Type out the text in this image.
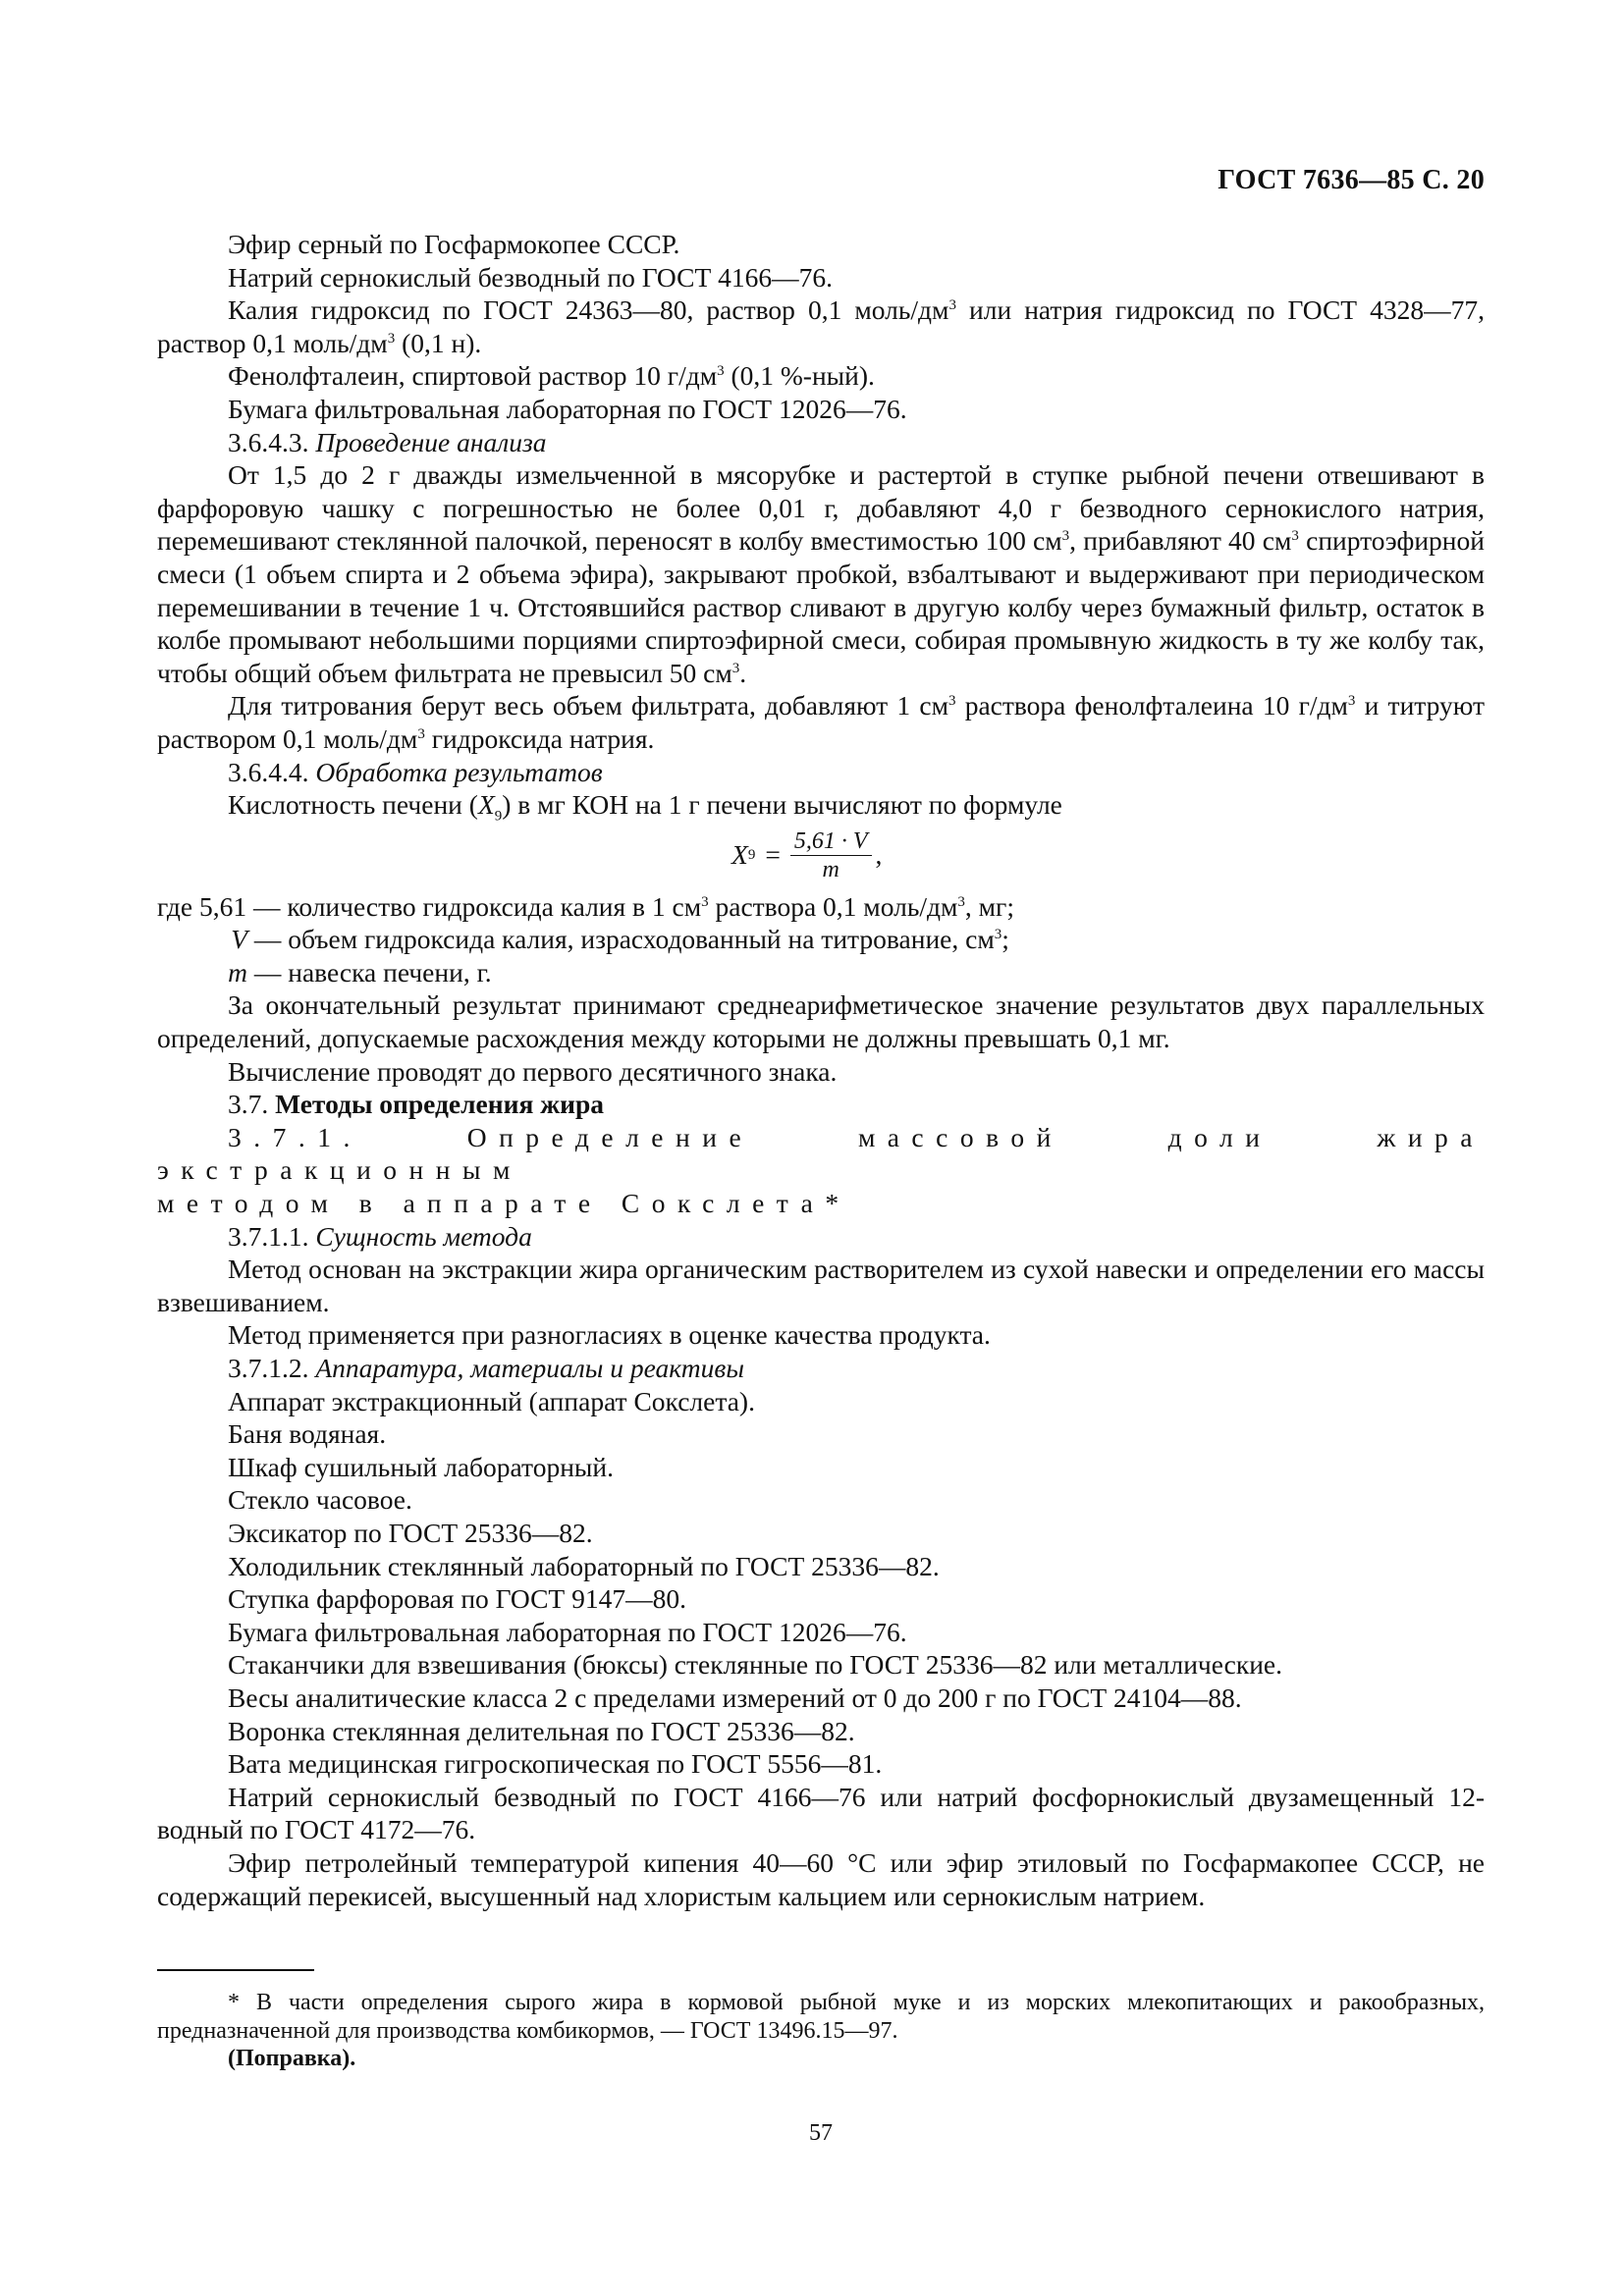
ГОСТ 7636—85 С. 20

Эфир серный по Госфармокопее СССР.

Натрий сернокислый безводный по ГОСТ 4166—76.

Калия гидроксид по ГОСТ 24363—80, раствор 0,1 моль/$дм^3$ или натрия гидроксид по ГОСТ 4328—77, раствор 0,1 моль/$дм^3$ (0,1 н).

Фенолфталеин, спиртовой раствор 10 $г/дм^3$ (0,1 %-ный).

Бумага фильтровальная лабораторная по ГОСТ 12026—76.

3.6.4.3. Проведение анализа

От 1,5 до 2 г дважды измельченной в мясорубке и растертой в ступке рыбной печени отвешивают в фарфоровую чашку с погрешностью не более 0,01 г, добавляют 4,0 г безводного сернокислого натрия, перемешивают стеклянной палочкой, переносят в колбу вместимостью 100 $см^3$, прибавляют 40 $см^3$ спиртоэфирной смеси (1 объем спирта и 2 объема эфира), закрывают пробкой, взбалтывают и выдерживают при периодическом перемешивании в течение 1 ч. Отстоявшийся раствор сливают в другую колбу через бумажный фильтр, остаток в колбе промывают небольшими порциями спиртоэфирной смеси, собирая промывную жидкость в ту же колбу так, чтобы общий объем фильтрата не превысил 50 $см^3$.

Для титрования берут весь объем фильтрата, добавляют 1 $см^3$ раствора фенолфталеина 10 $г/дм^3$ и титруют раствором 0,1 моль/$дм^3$ гидроксида натрия.

3.6.4.4. Обработка результатов

Кислотность печени $(X_9)$ в мг КОН на 1 г печени вычисляют по формуле

X $9 = \frac{5,61 \cdot V}{m}$ ,

где 5,61 — количество гидроксида калия в 1 $см^3$ раствора 0,1 моль/$дм^3$, мг;

V — объем гидроксида калия, израсходованный на титрование, $см^3$;

m — навеска печени, г.

За окончательный результат принимают среднеарифметическое значение результатов двух параллельных определений, допускаемые расхождения между которыми не должны превышать 0,1 мг.

Вычисление проводят до первого десятичного знака.

3.7. Методы определения жира

3.7.1. Определение массовой доли жира экстракционным

методом в аппарате Сокслета*

3.7.1.1. Сущность метода

Метод основан на экстракции жира органическим растворителем из сухой навески и определении его массы взвешиванием.

Метод применяется при разногласиях в оценке качества продукта.

3.7.1.2. Аппаратура, материалы и реактивы

Аппарат экстракционный (аппарат Сокслета).

Баня водяная.

Шкаф сушильный лабораторный.

Стекло часовое.

Эксикатор по ГОСТ 25336—82.

Холодильник стеклянный лабораторный по ГОСТ 25336—82.

Ступка фарфоровая по ГОСТ 9147—80.

Бумага фильтровальная лабораторная по ГОСТ 12026—76.

Стаканчики для взвешивания (бюксы) стеклянные по ГОСТ 25336—82 или металлические.

Весы аналитические класса 2 с пределами измерений от 0 до 200 г по ГОСТ 24104—88.

Воронка стеклянная делительная по ГОСТ 25336—82.

Вата медицинская гигроскопическая по ГОСТ 5556—81.

Натрий сернокислый безводный по ГОСТ 4166—76 или натрий фосфорнокислый двузамещенный 12-водный по ГОСТ 4172—76.

Эфир петролейный температурой кипения 40—60 °С или эфир этиловый по Госфармакопее СССР, не содержащий перекисей, высушенный над хлористым кальцием или сернокислым натрием.

* В части определения сырого жира в кормовой рыбной муке и из морских млекопитающих и ракообразных, предназначенной для производства комбикормов, — ГОСТ 13496.15—97.

(Поправка).

57
